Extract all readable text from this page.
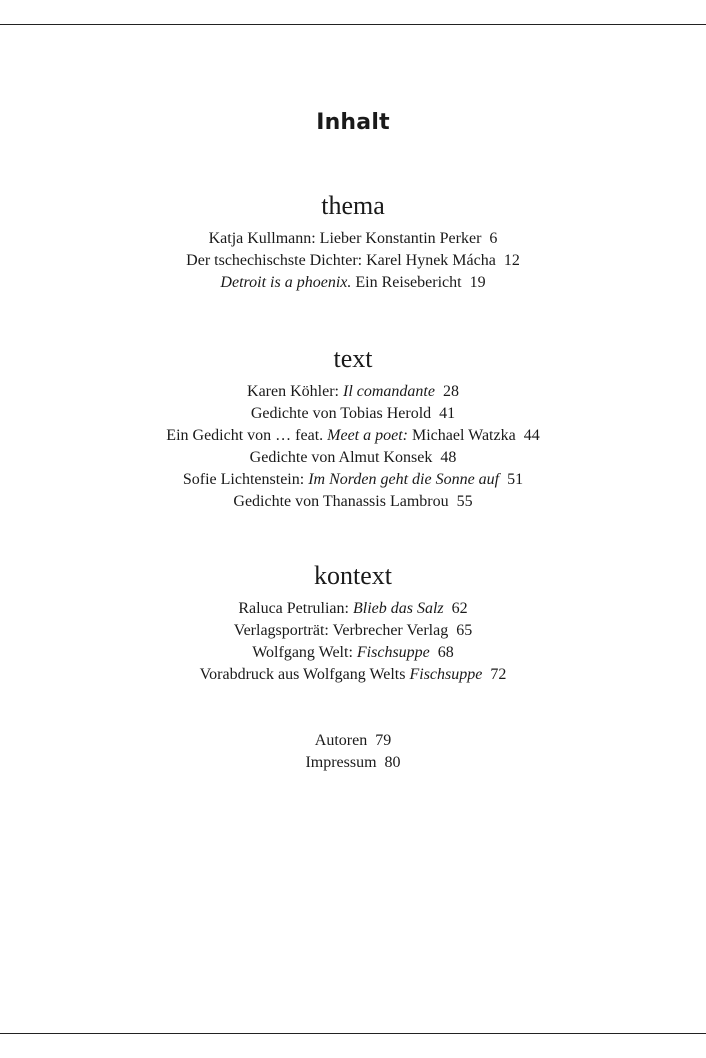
Inhalt
thema
Katja Kullmann: Lieber Konstantin Perker 6
Der tschechischste Dichter: Karel Hynek Mácha 12
Detroit is a phoenix. Ein Reisebericht 19
text
Karen Köhler: Il comandante 28
Gedichte von Tobias Herold 41
Ein Gedicht von … feat. Meet a poet: Michael Watzka 44
Gedichte von Almut Konsek 48
Sofie Lichtenstein: Im Norden geht die Sonne auf 51
Gedichte von Thanassis Lambrou 55
kontext
Raluca Petrulian: Blieb das Salz 62
Verlagsporträt: Verbrecher Verlag 65
Wolfgang Welt: Fischsuppe 68
Vorabdruck aus Wolfgang Welts Fischsuppe 72
Autoren 79
Impressum 80
